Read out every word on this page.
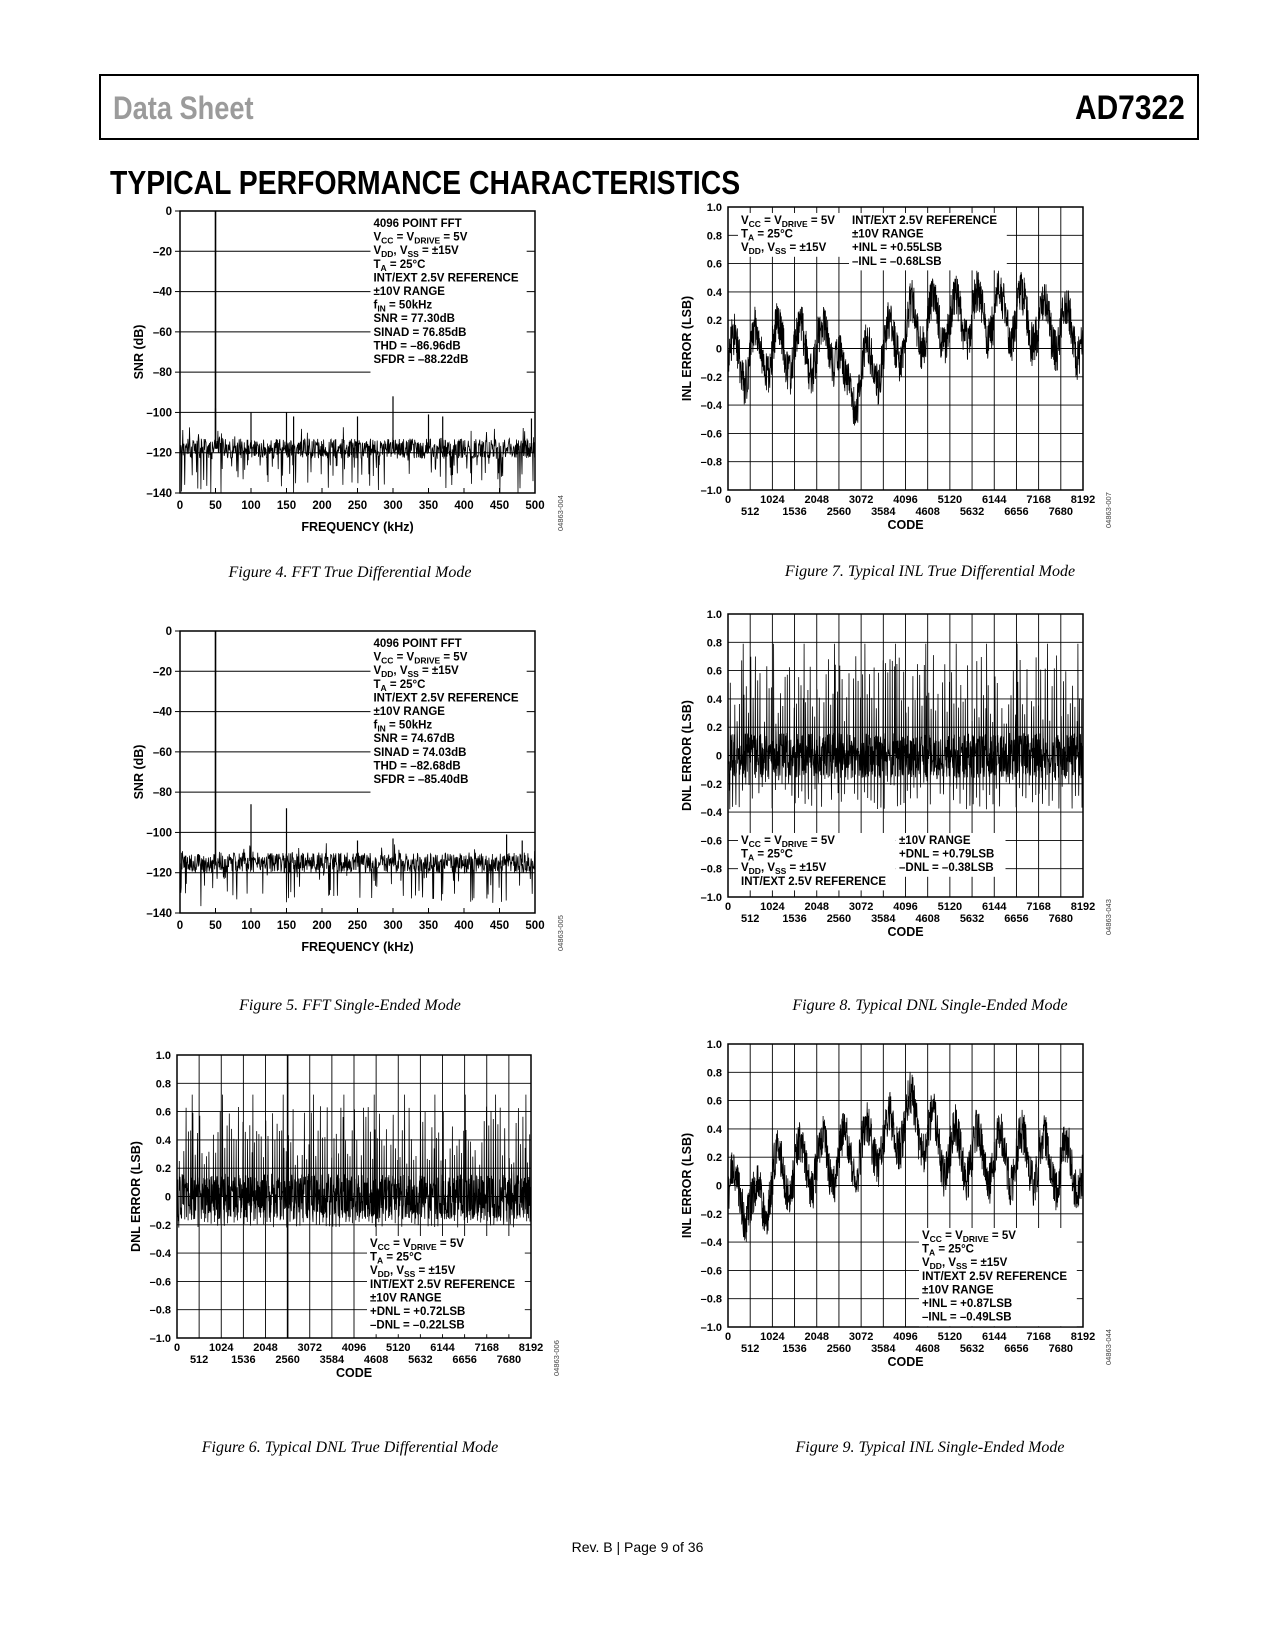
Data Sheet	AD7322
TYPICAL PERFORMANCE CHARACTERISTICS
4096 POINT FFT
$V_{CC} = V_{DRIVE} = 5V$
$V_{DD}$, $V_{SS} = \pm 15V$
$T_A = 25^\circ C$
INT/EXT 2.5V REFERENCE
±10V RANGE
$f_{IN} = 50kHz$
SNR = 77.30dB
SINAD = 76.85dB
THD = –86.96dB
SFDR = –88.22dB
0 50 100 150 200 250 300 350 400 450 500
0
–20
–40
–60
–80
–100
–120
–140
FREQUENCY (kHz)
SNR (dB)
04863-004
Figure 4. FFT True Differential Mode
4096 POINT FFT
$V_{CC} = V_{DRIVE} = 5V$
$V_{DD}$, $V_{SS} = \pm 15V$
$T_A = 25^\circ C$
INT/EXT 2.5V REFERENCE
±10V RANGE
$f_{IN} = 50kHz$
SNR = 74.67dB
SINAD = 74.03dB
THD = –82.68dB
SFDR = –85.40dB
0 50 100 150 200 250 300 350 400 450 500
0
–20
–40
–60
–80
–100
–120
–140
FREQUENCY (kHz)
SNR (dB)
04863-005
Figure 5. FFT Single-Ended Mode
0	1024 2048 3072 4096 5120 6144 7168 8192
512 1536 2560 3584 4608 5632 6656 7680
1.0
0.8
0.6
0.4
0.2
0
–0.2
–0.4
–0.6
–0.8
–1.0
CODE
DNL ERROR (LSB)
04863-006
$V_{CC} = V_{DRIVE} = 5V$
$T_A = 25^\circ C$
$V_{DD}$, $V_{SS} = \pm 15V$
INT/EXT 2.5V REFERENCE
±10V RANGE
+DNL = +0.72LSB
–DNL = –0.22LSB
Figure 6. Typical DNL True Differential Mode
0	1024 2048 3072 4096 5120 6144 7168 8192
512 1536 2560 3584 4608 5632 6656 7680
1.0
0.8
0.6
0.4
0.2
0
–0.2
–0.4
–0.6
–0.8
–1.0
CODE
INL ERROR (LSB)
04863-007
$V_{CC} = V_{DRIVE} = 5V$
$T_A = 25^\circ C$
$V_{DD}$, $V_{SS} = \pm 15V$
INT/EXT 2.5V REFERENCE
±10V RANGE
+INL = +0.55LSB
–INL = –0.68LSB
Figure 7. Typical INL True Differential Mode
0	1024 2048 3072 4096 5120 6144 7168 8192
512 1536 2560 3584 4608 5632 6656 7680
1.0
0.8
0.6
0.4
0.2
0
–0.2
–0.4
–0.6
–0.8
–1.0
CODE
DNL ERROR (LSB)
04863-043
$V_{CC} = V_{DRIVE} = 5V$
$T_A = 25^\circ C$
$V_{DD}$, $V_{SS} = \pm 15V$
INT/EXT 2.5V REFERENCE
±10V RANGE
+DNL = +0.79LSB
–DNL = –0.38LSB
Figure 8. Typical DNL Single-Ended Mode
0	1024 2048 3072 4096 5120 6144 7168 8192
512 1536 2560 3584 4608 5632 6656 7680
1.0
0.8
0.6
0.4
0.2
0
–0.2
–0.4
–0.6
–0.8
–1.0
CODE
INL ERROR (LSB)
04863-044
$V_{CC} = V_{DRIVE} = 5V$
$T_A = 25^\circ C$
$V_{DD}$, $V_{SS} = \pm 15V$
INT/EXT 2.5V REFERENCE
±10V RANGE
+INL = +0.87LSB
–INL = –0.49LSB
Figure 9. Typical INL Single-Ended Mode
Rev. B | Page 9 of 36
